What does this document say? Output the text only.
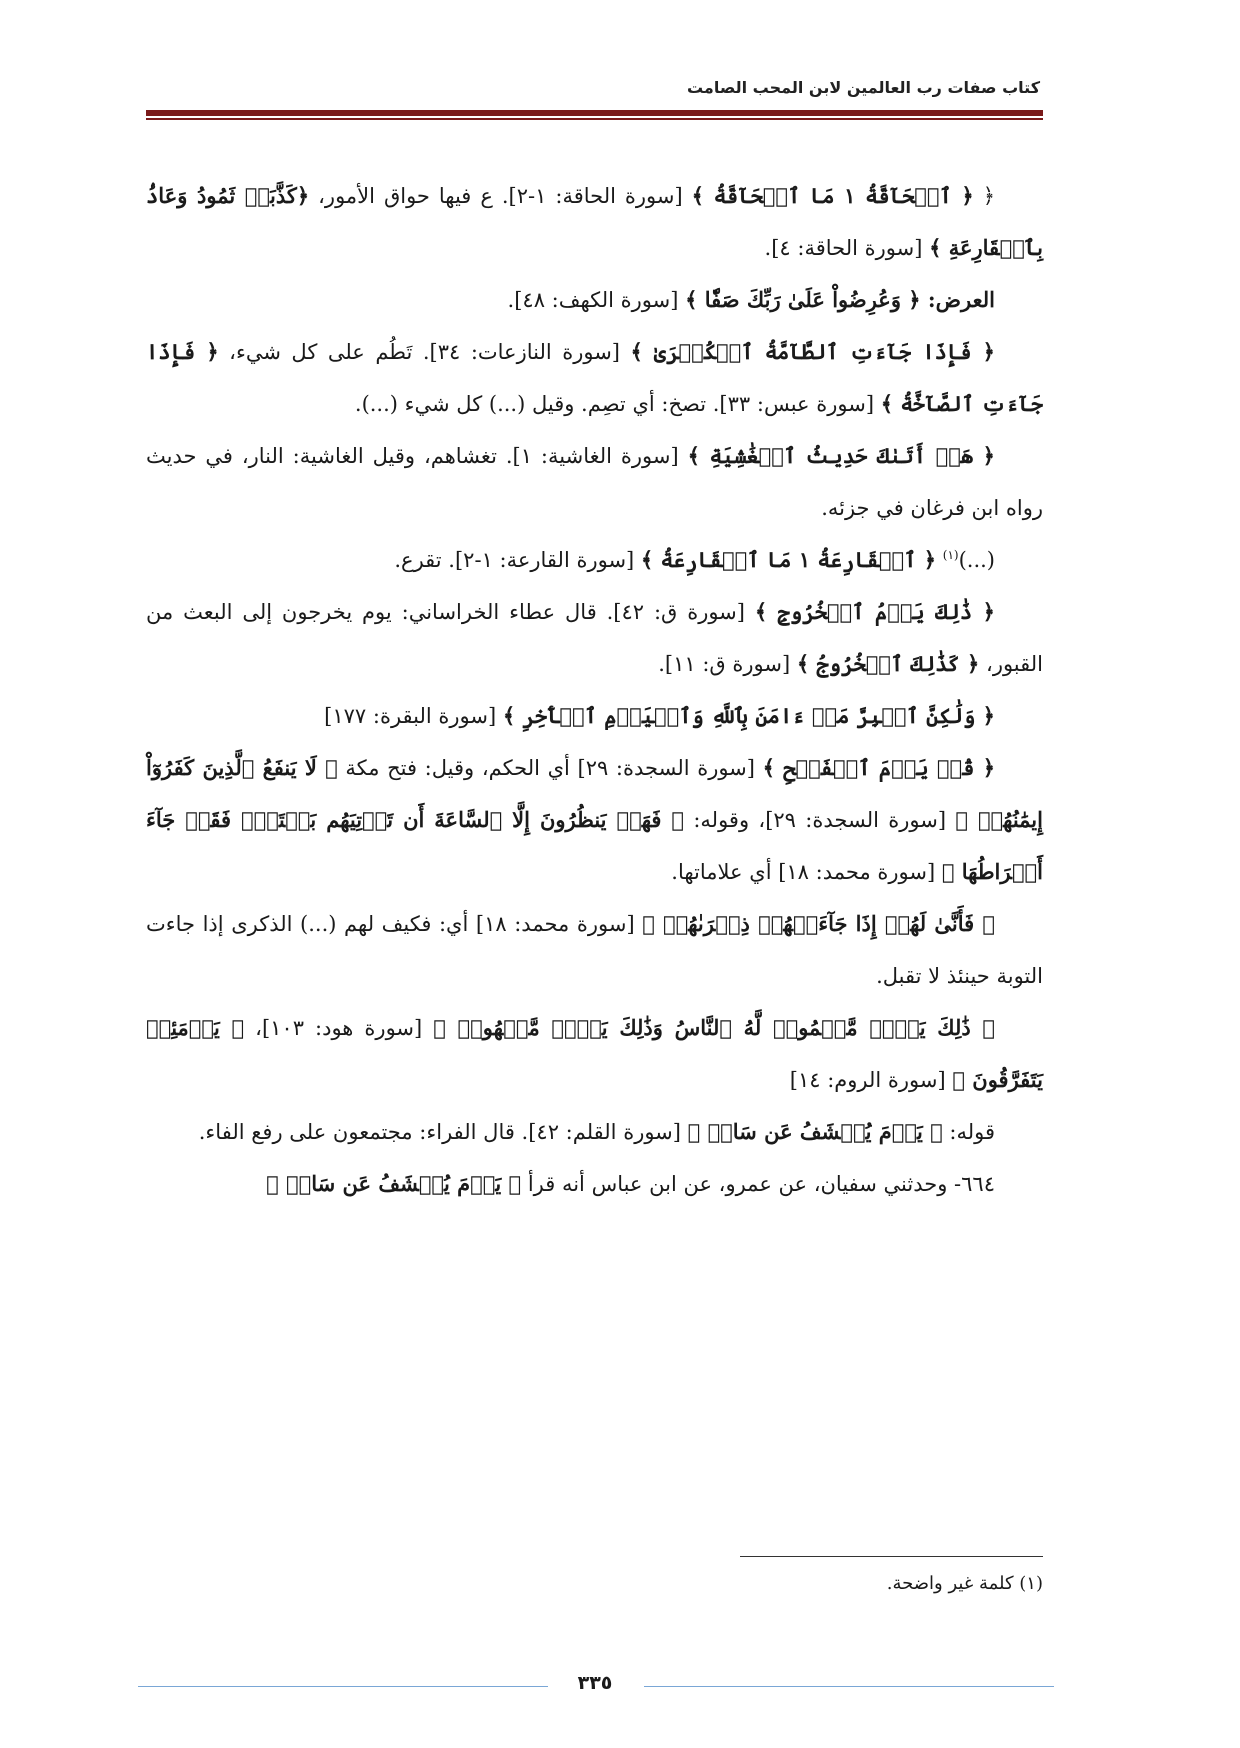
كتاب صفات رب العالمين لابن المحب الصامت

﴿ ﴿ ٱلۡحَآقَّةُ ١ مَا ٱلۡحَآقَّةُ ﴾ [سورة الحاقة: ١-٢]. ع فيها حواق الأمور، ﴿كَذَّبَتۡ ثَمُودُ وَعَادُۢ بِٱلۡقَارِعَةِ ﴾ [سورة الحاقة: ٤].

العرض: ﴿ وَعُرِضُواْ عَلَىٰ رَبِّكَ صَفّٗا ﴾ [سورة الكهف: ٤٨].

﴿ فَإِذَا جَآءَتِ ٱلطَّآمَّةُ ٱلۡكُبۡرَىٰ ﴾ [سورة النازعات: ٣٤]. تَطُم على كل شيء، ﴿ فَإِذَا جَآءَتِ ٱلصَّآخَّةُ ﴾ [سورة عبس: ٣٣]. تصخ: أي تصِم. وقيل (...) كل شيء (...).

﴿ هَلۡ أَتَىٰكَ حَدِيثُ ٱلۡغَٰشِيَةِ ﴾ [سورة الغاشية: ١]. تغشاهم، وقيل الغاشية: النار، في حديث رواه ابن فرغان في جزئه.

(...)$^{(١)}$ ﴿ ٱلۡقَارِعَةُ ١ مَا ٱلۡقَارِعَةُ ﴾ [سورة القارعة: ١-٢]. تقرع.

﴿ ذَٰلِكَ يَوۡمُ ٱلۡخُرُوجِ ﴾ [سورة ق: ٤٢]. قال عطاء الخراساني: يوم يخرجون إلى البعث من القبور، ﴿ كَذَٰلِكَ ٱلۡخُرُوجُ ﴾ [سورة ق: ١١].

﴿ وَلَٰكِنَّ ٱلۡبِرَّ مَنۡ ءَامَنَ بِٱللَّهِ وَٱلۡيَوۡمِ ٱلۡأٓخِرِ ﴾ [سورة البقرة: ١٧٧]

﴿ قُلۡ يَوۡمَ ٱلۡفَتۡحِ ﴾ [سورة السجدة: ٢٩] أي الحكم، وقيل: فتح مكة ﴿ لَا يَنفَعُ ٱلَّذِينَ كَفَرُوٓاْ إِيمَٰنُهُمۡ ﴾ [سورة السجدة: ٢٩]، وقوله: ﴿ فَهَلۡ يَنظُرُونَ إِلَّا ٱلسَّاعَةَ أَن تَأۡتِيَهُم بَغۡتَةٗۖ فَقَدۡ جَآءَ أَشۡرَاطُهَا ﴾ [سورة محمد: ١٨] أي علاماتها.

﴿ فَأَنَّىٰ لَهُمۡ إِذَا جَآءَتۡهُمۡ ذِكۡرَىٰهُمۡ ﴾ [سورة محمد: ١٨] أي: فكيف لهم (...) الذكرى إذا جاءت التوبة حينئذ لا تقبل.

﴿ ذَٰلِكَ يَوۡمٞ مَّجۡمُوعٞ لَّهُ ٱلنَّاسُ وَذَٰلِكَ يَوۡمٞ مَّشۡهُودٞ ﴾ [سورة هود: ١٠٣]، ﴿ يَوۡمَئِذٖ يَتَفَرَّقُونَ ﴾ [سورة الروم: ١٤]

قوله: ﴿ يَوۡمَ يُكۡشَفُ عَن سَاقٖ ﴾ [سورة القلم: ٤٢]. قال الفراء: مجتمعون على رفع الفاء.

٦٦٤- وحدثني سفيان، عن عمرو، عن ابن عباس أنه قرأ ﴿ يَوۡمَ يُكۡشَفُ عَن سَاقٖ ﴾

(١) كلمة غير واضحة.
٣٣٥
